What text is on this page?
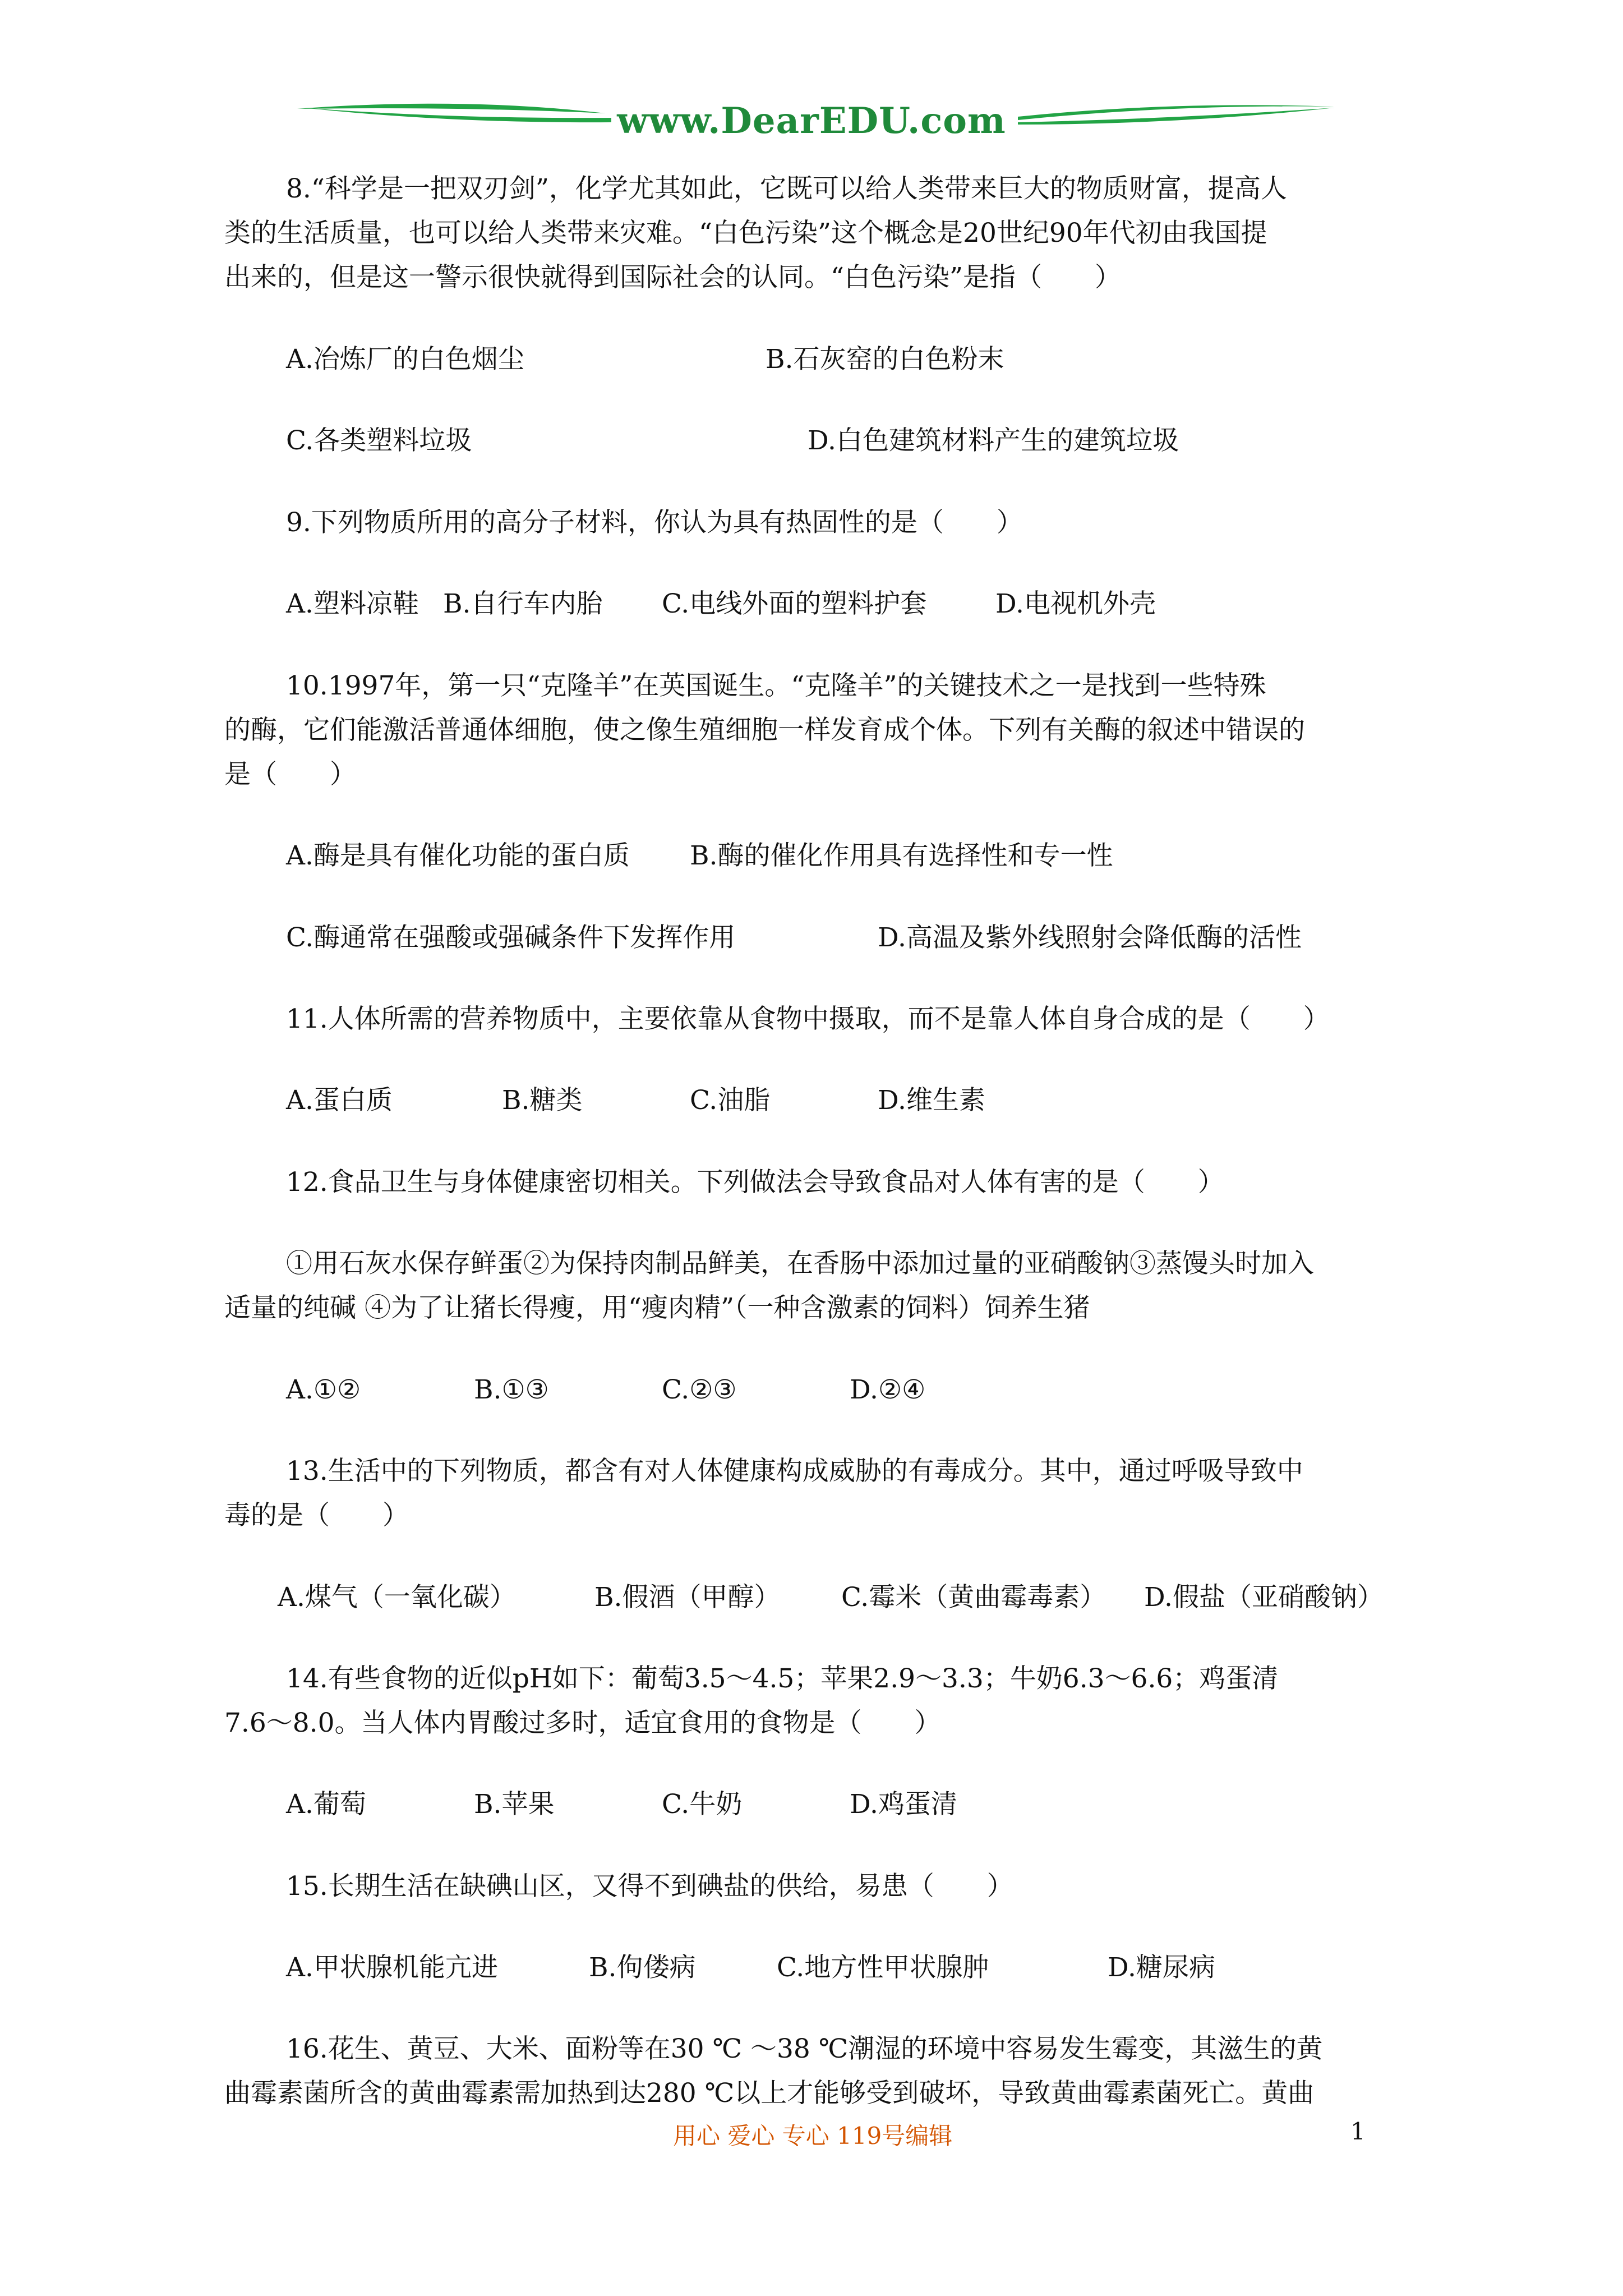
www.DearEDU.com
8.“科学是一把双刃剑”，化学尤其如此，它既可以给人类带来巨大的物质财富，提高人
类的生活质量，也可以给人类带来灾难。“白色污染”这个概念是20世纪90年代初由我国提
出来的，但是这一警示很快就得到国际社会的认同。“白色污染”是指（　　）
A.冶炼厂的白色烟尘	B.石灰窑的白色粉末
C.各类塑料垃圾	D.白色建筑材料产生的建筑垃圾
9.下列物质所用的高分子材料，你认为具有热固性的是（　　）
A.塑料凉鞋 B.自行车内胎 C.电线外面的塑料护套	D.电视机外壳
10.1997年，第一只“克隆羊”在英国诞生。“克隆羊”的关键技术之一是找到一些特殊
的酶，它们能激活普通体细胞，使之像生殖细胞一样发育成个体。下列有关酶的叙述中错误的
是（　　）
A.酶是具有催化功能的蛋白质 B.酶的催化作用具有选择性和专一性
C.酶通常在强酸或强碱条件下发挥作用	D.高温及紫外线照射会降低酶的活性
11.人体所需的营养物质中，主要依靠从食物中摄取，而不是靠人体自身合成的是（　　）
A.蛋白质	B.糖类	C.油脂	D.维生素
12.食品卫生与身体健康密切相关。下列做法会导致食品对人体有害的是（　　）
①用石灰水保存鲜蛋②为保持肉制品鲜美，在香肠中添加过量的亚硝酸钠③蒸馒头时加入
适量的纯碱 ④为了让猪长得瘦，用“瘦肉精”（一种含激素的饲料）饲养生猪
A.①②	B.①③	C.②③	D.②④
13.生活中的下列物质，都含有对人体健康构成威胁的有毒成分。其中，通过呼吸导致中
毒的是（　　）
A.煤气（一氧化碳）	B.假酒（甲醇） C.霉米（黄曲霉毒素） D.假盐（亚硝酸钠）
14.有些食物的近似pH如下：葡萄3.5～4.5；苹果2.9～3.3；牛奶6.3～6.6；鸡蛋清
7.6～8.0。当人体内胃酸过多时，适宜食用的食物是（　　）
A.葡萄	B.苹果	C.牛奶	D.鸡蛋清
15.长期生活在缺碘山区，又得不到碘盐的供给，易患（　　）
A.甲状腺机能亢进	B.佝偻病	C.地方性甲状腺肿	D.糖尿病
16.花生、黄豆、大米、面粉等在30 ℃ ～38 ℃潮湿的环境中容易发生霉变，其滋生的黄
曲霉素菌所含的黄曲霉素需加热到达280 ℃以上才能够受到破坏，导致黄曲霉素菌死亡。黄曲
用心 爱心 专心 119号编辑	1
